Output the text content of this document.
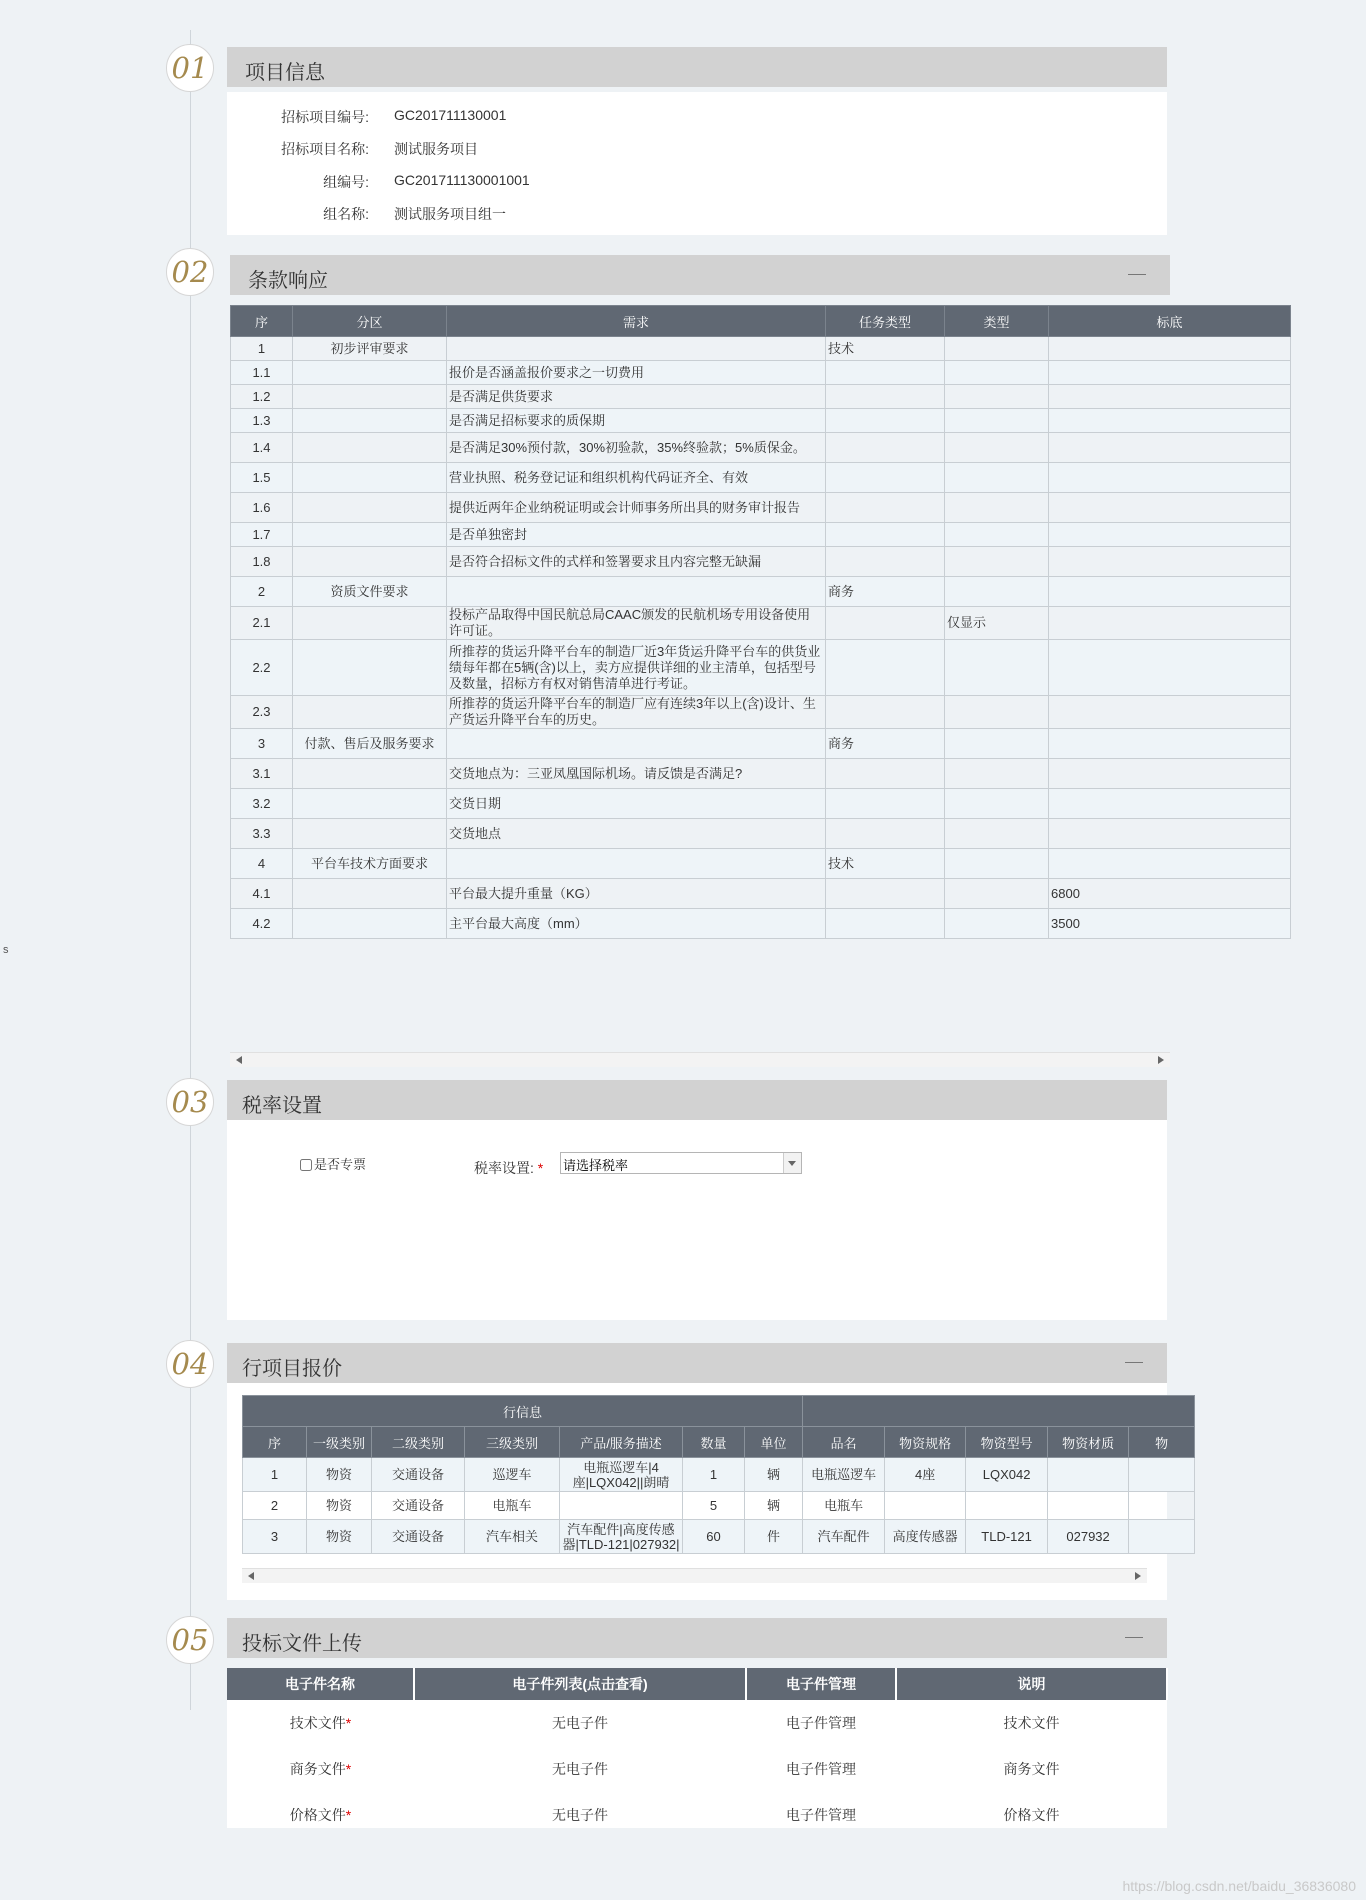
s
01
02
03
04
05
项目信息
招标项目编号: GC201711130001
招标项目名称: 测试服务项目
组编号: GC201711130001001
组名称: 测试服务项目组一
条款响应
序	分区	需求	任务类型	类型	标底
1	初步评审要求		技术		
1.1		报价是否涵盖报价要求之一切费用			
1.2		是否满足供货要求			
1.3		是否满足招标要求的质保期			
1.4		是否满足30%预付款，30%初验款，35%终验款；5%质保金。			
1.5		营业执照、税务登记证和组织机构代码证齐全、有效			
1.6		提供近两年企业纳税证明或会计师事务所出具的财务审计报告			
1.7		是否单独密封			
1.8		是否符合招标文件的式样和签署要求且内容完整无缺漏			
2	资质文件要求		商务		
2.1		投标产品取得中国民航总局CAAC颁发的民航机场专用设备使用许可证。		仅显示	
2.2		所推荐的货运升降平台车的制造厂近3年货运升降平台车的供货业绩每年都在5辆(含)以上，卖方应提供详细的业主清单，包括型号及数量，招标方有权对销售清单进行考证。			
2.3		所推荐的货运升降平台车的制造厂应有连续3年以上(含)设计、生产货运升降平台车的历史。			
3	付款、售后及服务要求		商务		
3.1		交货地点为：三亚凤凰国际机场。请反馈是否满足?			
3.2		交货日期			
3.3		交货地点			
4	平台车技术方面要求		技术		
4.1		平台最大提升重量（KG）			6800
4.2		主平台最大高度（mm）			3500
税率设置
是否专票	税率设置: * 请选择税率
行项目报价
行信息											
序	一级类别	二级类别	三级类别	产品/服务描述	数量	单位	品名	物资规格	物资型号	物资材质	物
1	物资	交通设备	巡逻车	电瓶巡逻车|4座|LQX042||朗晴	1	辆	电瓶巡逻车	4座	LQX042		
2	物资	交通设备	电瓶车		5	辆	电瓶车				
3	物资	交通设备	汽车相关	汽车配件|高度传感器|TLD-121|027932|	60	件	汽车配件	高度传感器	TLD-121	027932	
投标文件上传
电子件名称	电子件列表(点击查看)	电子件管理	说明
技术文件*	无电子件	电子件管理	技术文件
商务文件*	无电子件	电子件管理	商务文件
价格文件*	无电子件	电子件管理	价格文件
https://blog.csdn.net/baidu_36836080
